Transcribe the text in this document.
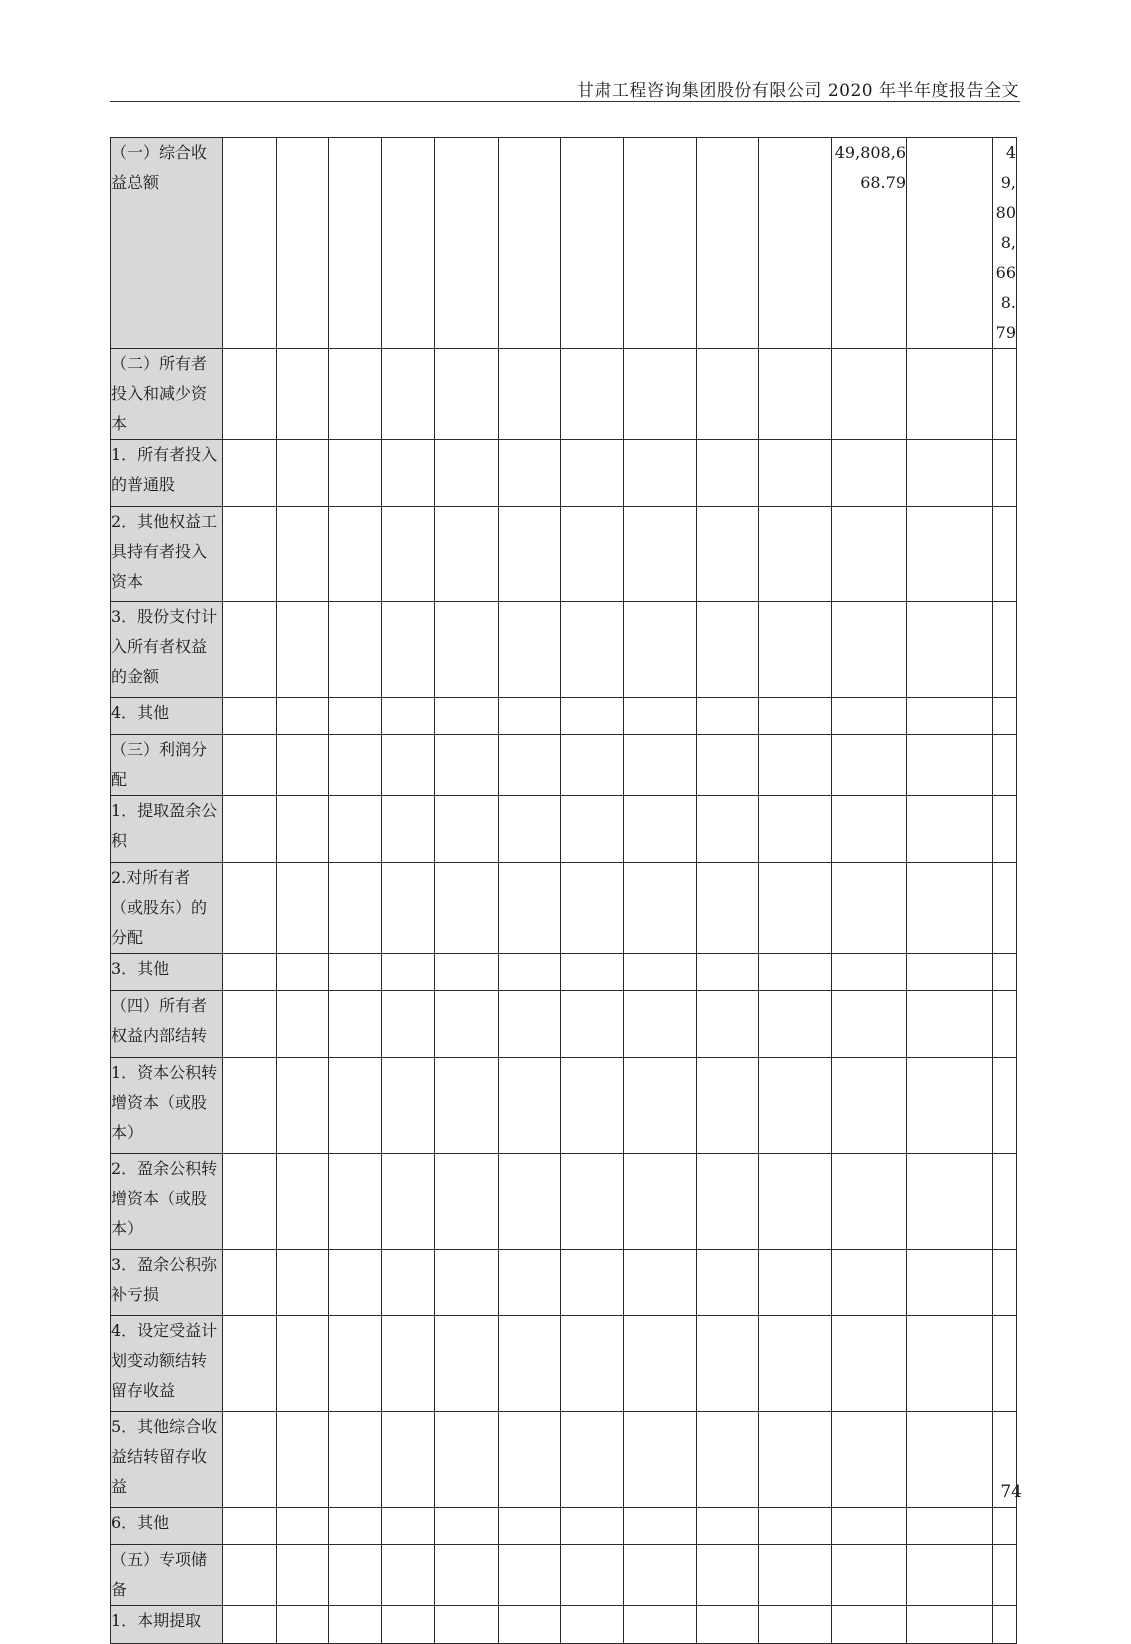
甘肃工程咨询集团股份有限公司 2020 年半年度报告全文
（一）综合收益总额											49,808,668.79		49,808,668.79
（二）所有者投入和减少资本													
1．所有者投入的普通股													
2．其他权益工具持有者投入资本													
3．股份支付计入所有者权益的金额													
4．其他													
（三）利润分配													
1．提取盈余公积													
2.对所有者（或股东）的分配													
3．其他													
（四）所有者权益内部结转													
1．资本公积转增资本（或股本）													
2．盈余公积转增资本（或股本）													
3．盈余公积弥补亏损													
4．设定受益计划变动额结转留存收益													
5．其他综合收益结转留存收益													
6．其他													
（五）专项储备													
1．本期提取													
74
